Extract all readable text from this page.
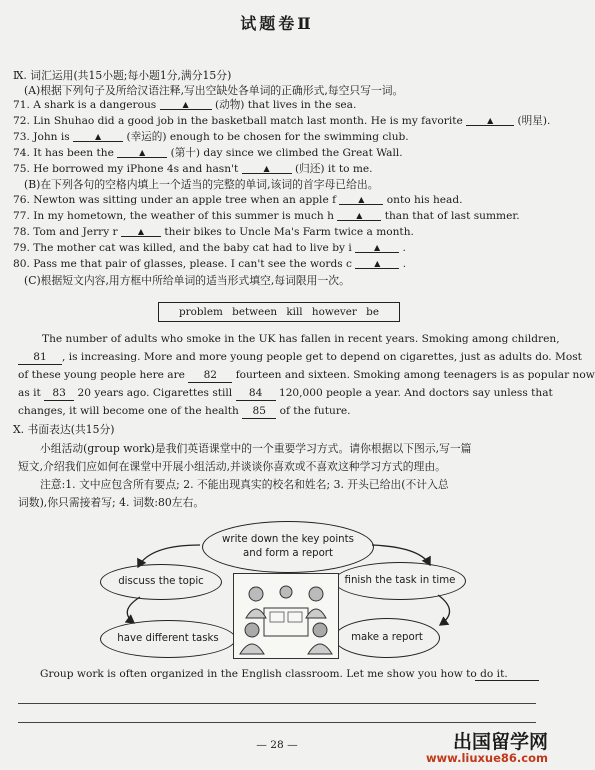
试题卷Ⅱ
Ⅸ. 词汇运用(共15小题;每小题1分,满分15分)
(A)根据下列句子及所给汉语注释,写出空缺处各单词的正确形式,每空只写一词。
71. A shark is a dangerous	▲ (动物) that lives in the sea.
72. Lin Shuhao did a good job in the basketball match last month. He is my favorite	▲ (明星).
73. John is	▲ (幸运的) enough to be chosen for the swimming club.
74. It has been the	▲ (第十) day since we climbed the Great Wall.
75. He borrowed my iPhone 4s and hasn't	▲ (归还) it to me.
(B)在下列各句的空格内填上一个适当的完整的单词,该词的首字母已给出。
76. Newton was sitting under an apple tree when an apple f	▲ onto his head.
77. In my hometown, the weather of this summer is much h	▲ than that of last summer.
78. Tom and Jerry r	▲ their bikes to Uncle Ma's Farm twice a month.
79. The mother cat was killed, and the baby cat had to live by i	▲ .
80. Pass me that pair of glasses, please. I can't see the words c	▲ .
(C)根据短文内容,用方框中所给单词的适当形式填空,每词限用一次。
problem between kill however be
The number of adults who smoke in the UK has fallen in recent years. Smoking among children,
81 , is increasing. More and more young people get to depend on cigarettes, just as adults do. Most
of these young people here are 82 fourteen and sixteen. Smoking among teenagers is as popular now
as it 83 20 years ago. Cigarettes still 84 120,000 people a year. And doctors say unless that
changes, it will become one of the health 85 of the future.
Ⅹ. 书面表达(共15分)
小组活动(group work)是我们英语课堂中的一个重要学习方式。请你根据以下图示,写一篇
短文,介绍我们应如何在课堂中开展小组活动,并谈谈你喜欢或不喜欢这种学习方式的理由。
注意:1. 文中应包含所有要点; 2. 不能出现真实的校名和姓名; 3. 开头已给出(不计入总
词数),你只需接着写; 4. 词数:80左右。
write down the key points
and form a report
discuss the topic	finish the task in time
have different tasks	make a report
Group work is often organized in the English classroom. Let me show you how to do it.
— 28 —	出国留学网
www.liuxue86.com
